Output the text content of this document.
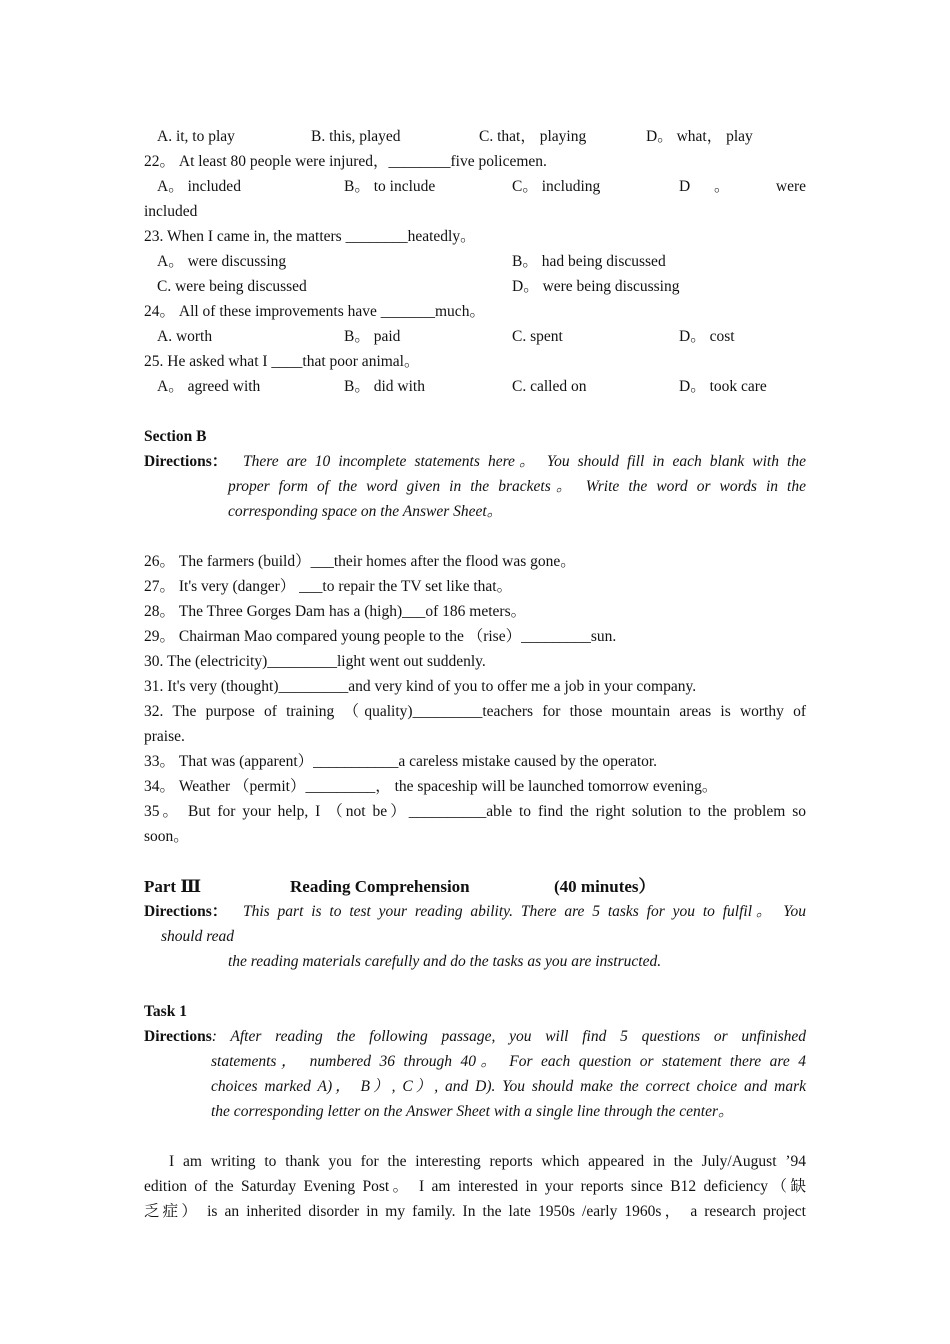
A. it, to play	B. this, played	C. that， playing	D。 what， play
22。 At least 80 people were injured，________five policemen.
A。 included	B。 to include	C。 including	D 。	were
included
23. When I came in, the matters ________heatedly。
A。 were discussing	B。 had being discussed
C. were being discussed	D。 were being discussing
24。 All of these improvements have _______much。
A. worth	B。 paid	C. spent	D。 cost
25. He asked what I ____that poor animal。
A。 agreed with	B。 did with	C. called on	D。 took care
Section B
Directions：	There are 10 incomplete statements here。 You should fill in each blank with the
proper form of the word given in the brackets。 Write the word or words in the
corresponding space on the Answer Sheet。
26。 The farmers (build）___their homes after the flood was gone。
27。 It's very (danger） ___to repair the TV set like that。
28。 The Three Gorges Dam has a (high)___of 186 meters。
29。 Chairman Mao compared young people to the （rise）_________sun.
30. The (electricity)_________light went out suddenly.
31. It's very (thought)_________and very kind of you to offer me a job in your company.
32. The purpose of training （quality)_________teachers for those mountain areas is worthy of
praise.
33。 That was (apparent）___________a careless mistake caused by the operator.
34。 Weather （permit）_________， the spaceship will be launched tomorrow evening。
35。 But for your help, I （not be）__________able to find the right solution to the problem so
soon。
Part Ⅲ	Reading Comprehension	(40 minutes）
Directions：	This part is to test your reading ability. There are 5 tasks for you to fulfil。 You
should read
the reading materials carefully and do the tasks as you are instructed.
Task 1
Directions : After reading the following passage, you will find 5 questions or unfinished
statements， numbered 36 through 40。 For each question or statement there are 4
choices marked A)， B）, C）, and D). You should make the correct choice and mark
the corresponding letter on the Answer Sheet with a single line through the center。
I am writing to thank you for the interesting reports which appeared in the July/August ’94
edition of the Saturday Evening Post。 I am interested in your reports since B12 deficiency（缺
乏症） is an inherited disorder in my family. In the late 1950s /early 1960s， a research project
